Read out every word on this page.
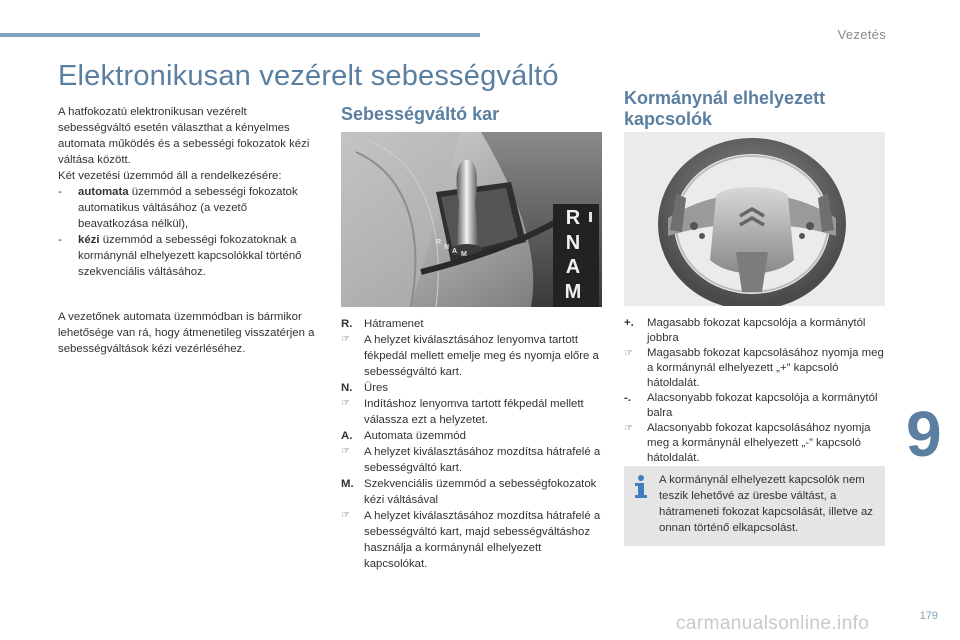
Vezetés
Elektronikusan vezérelt sebességváltó

A hatfokozatú elektronikusan vezérelt sebességváltó esetén választhat a kényelmes automata működés és a sebességi fokozatok kézi váltása között.

Két vezetési üzemmód áll a rendelkezésére:

-	automata üzemmód a sebességi fokozatok automatikus váltásához (a vezető beavatkozása nélkül),
-	kézi üzemmód a sebességi fokozatoknak a kormánynál elhelyezett kapcsolókkal történő szekvenciális váltásához.

A vezetőnek automata üzemmódban is bármikor lehetősége van rá, hogy átmenetileg visszatérjen a sebességváltások kézi vezérléséhez.

Sebességváltó kar
R
N
A M
R
N
A
M
R.	Hátramenet
☞	A helyzet kiválasztásához lenyomva tartott fékpedál mellett emelje meg és nyomja előre a sebességváltó kart.
N.	Üres
☞	Indításhoz lenyomva tartott fékpedál mellett válassza ezt a helyzetet.
A.	Automata üzemmód
☞	A helyzet kiválasztásához mozdítsa hátrafelé a sebességváltó kart.
M. Szekvenciális üzemmód a sebességfokozatok kézi váltásával
☞	A helyzet kiválasztásához mozdítsa hátrafelé a sebességváltó kart, majd sebességváltáshoz használja a kormánynál elhelyezett kapcsolókat.
Kormánynál elhelyezett kapcsolók
+.	Magasabb fokozat kapcsolója a kormánytól jobbra
☞	Magasabb fokozat kapcsolásához nyomja meg a kormánynál elhelyezett „+” kapcsoló hátoldalát.
-.	Alacsonyabb fokozat kapcsolója a kormánytól balra
☞	Alacsonyabb fokozat kapcsolásához nyomja meg a kormánynál elhelyezett „-” kapcsoló hátoldalát.
A kormánynál elhelyezett kapcsolók nem teszik lehetővé az üresbe váltást, a hátrameneti fokozat kapcsolását, illetve az onnan történő elkapcsolást.
9
179
carmanualsonline.info
